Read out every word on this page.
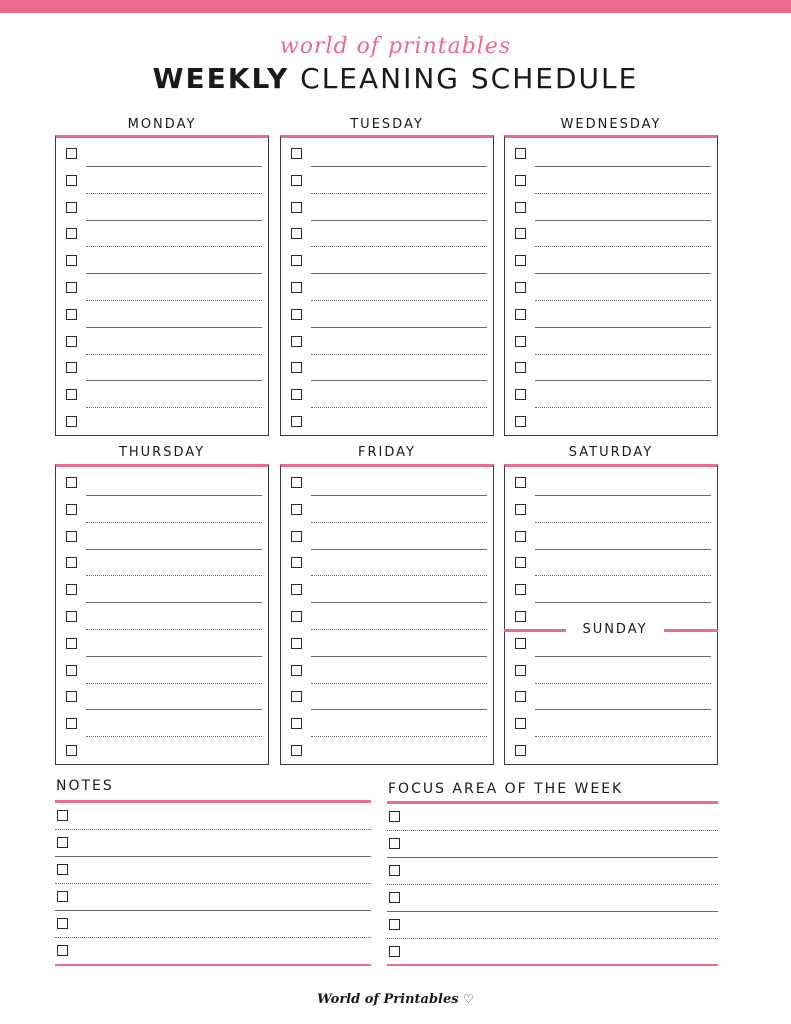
world of printables
WEEKLY CLEANING SCHEDULE
MONDAY	TUESDAY	WEDNESDAY
THURSDAY	FRIDAY	SATURDAY
SUNDAY
NOTES	FOCUS AREA OF THE WEEK
World of Printables ♡
